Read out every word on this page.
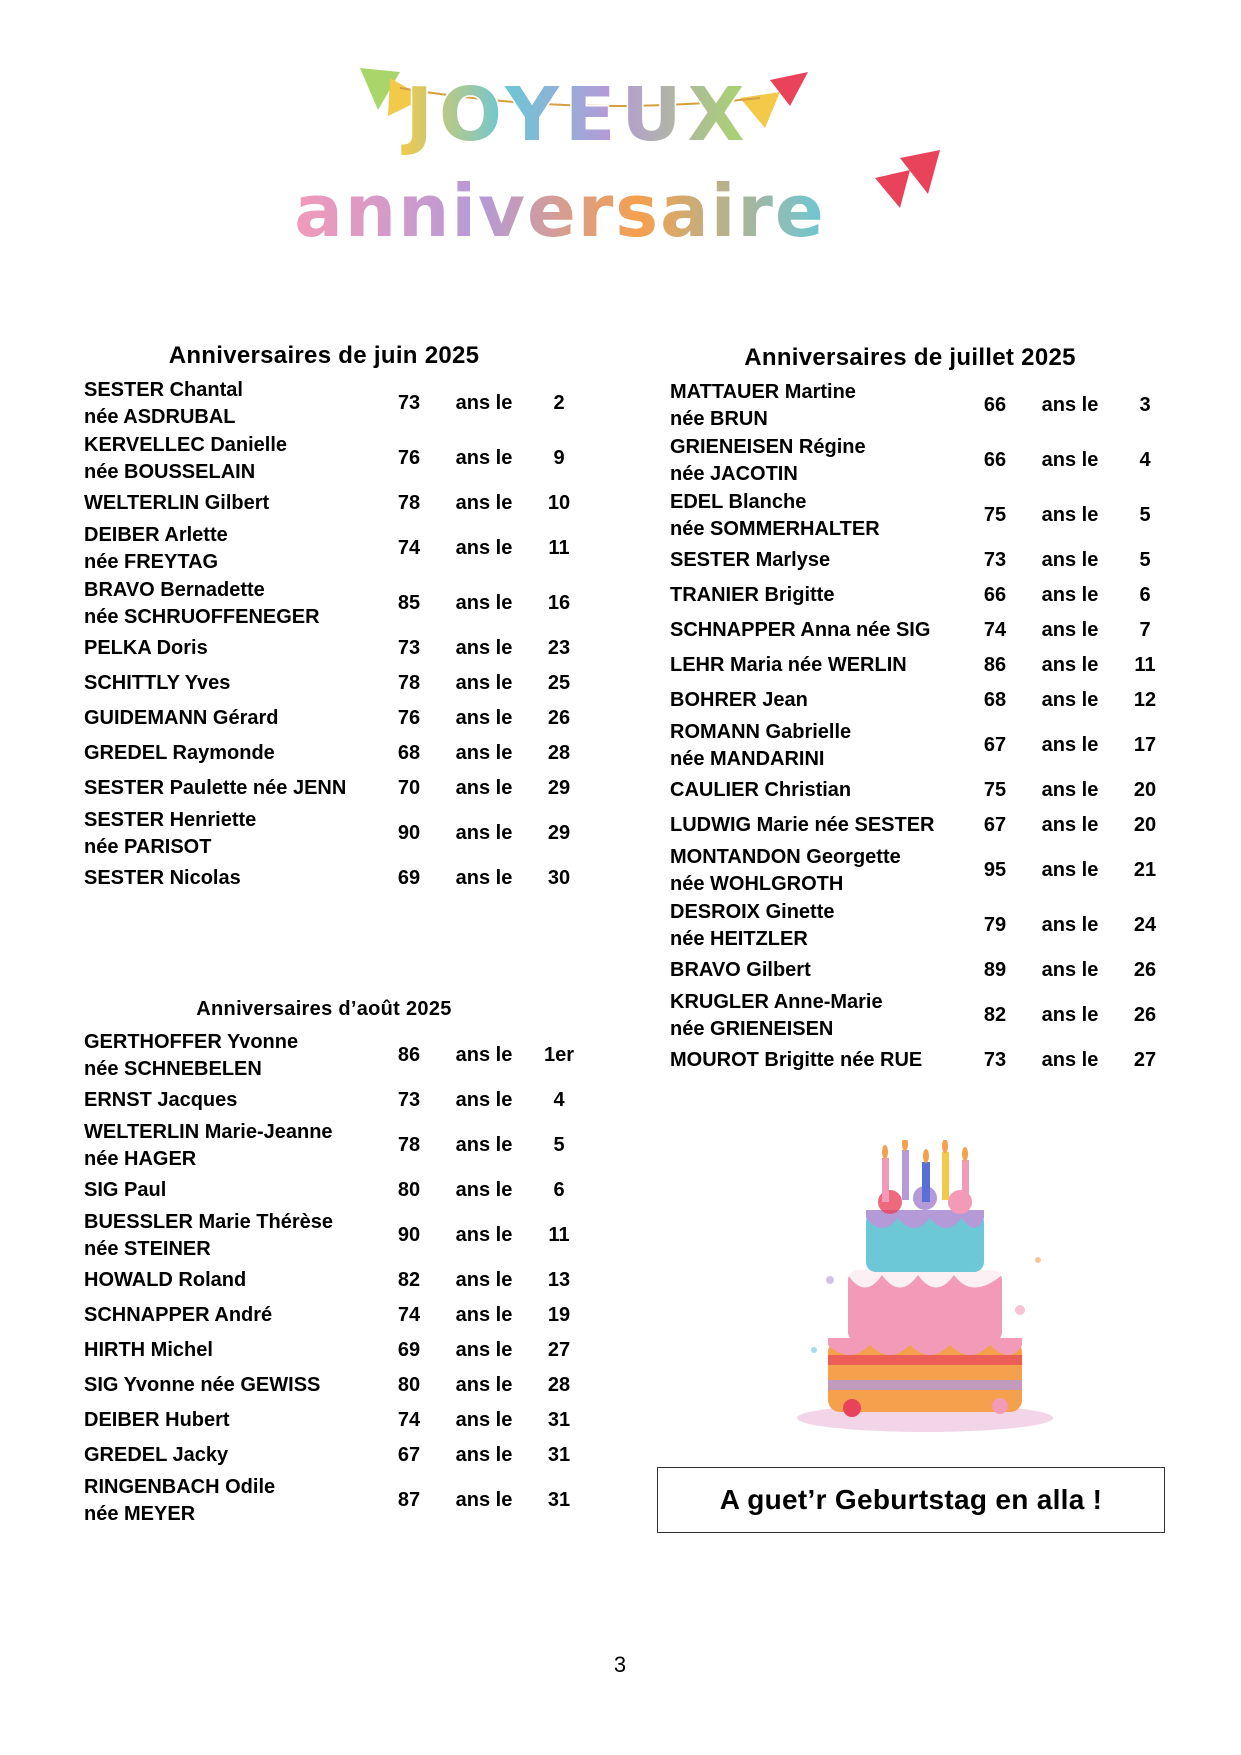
JOYEUX
anniversaire
Anniversaires de juin 2025
SESTER Chantal
née ASDRUBAL
73	ans le	2
KERVELLEC Danielle
née BOUSSELAIN
76	ans le	9
WELTERLIN Gilbert	78	ans le	10
DEIBER Arlette
née FREYTAG
74	ans le	11
BRAVO Bernadette
née SCHRUOFFENEGER
85	ans le	16
PELKA Doris	73	ans le	23
SCHITTLY Yves	78	ans le	25
GUIDEMANN Gérard	76	ans le	26
GREDEL Raymonde	68	ans le	28
SESTER Paulette née JENN	70	ans le	29
SESTER Henriette
née PARISOT
90	ans le	29
SESTER Nicolas	69	ans le	30
Anniversaires de juillet 2025
MATTAUER Martine
née BRUN
66	ans le	3
GRIENEISEN Régine
née JACOTIN
66	ans le	4
EDEL Blanche
née SOMMERHALTER
75	ans le	5
SESTER Marlyse	73	ans le	5
TRANIER Brigitte	66	ans le	6
SCHNAPPER Anna née SIG	74	ans le	7
LEHR Maria née WERLIN	86	ans le	11
BOHRER Jean	68	ans le	12
ROMANN Gabrielle
née MANDARINI
67	ans le	17
CAULIER Christian	75	ans le	20
LUDWIG Marie née SESTER	67	ans le	20
MONTANDON Georgette
née WOHLGROTH
95	ans le	21
DESROIX Ginette
née HEITZLER
79	ans le	24
BRAVO Gilbert	89	ans le	26
KRUGLER Anne-Marie
née GRIENEISEN
82	ans le	26
MOUROT Brigitte née RUE	73	ans le	27
Anniversaires d’août 2025
GERTHOFFER Yvonne
née SCHNEBELEN
86	ans le	1er
ERNST Jacques	73	ans le	4
WELTERLIN Marie-Jeanne
née HAGER
78	ans le	5
SIG Paul	80	ans le	6
BUESSLER Marie Thérèse
née STEINER
90	ans le	11
HOWALD Roland	82	ans le	13
SCHNAPPER André	74	ans le	19
HIRTH Michel	69	ans le	27
SIG Yvonne née GEWISS	80	ans le	28
DEIBER Hubert	74	ans le	31
GREDEL Jacky	67	ans le	31
RINGENBACH Odile
née MEYER
87	ans le	31	A guet’r Geburtstag en alla !
3
